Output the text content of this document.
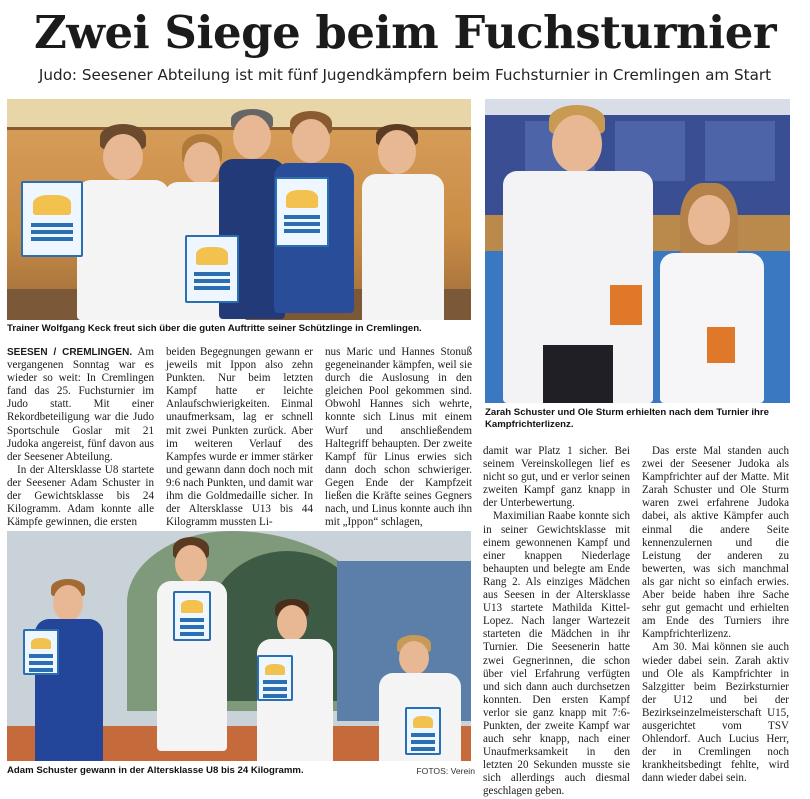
Zwei Siege beim Fuchsturnier
Judo: Seesener Abteilung ist mit fünf Jugendkämpfern beim Fuchsturnier in Cremlingen am Start
Trainer Wolfgang Keck freut sich über die guten Auftritte seiner Schützlinge in Cremlingen.
Zarah Schuster und Ole Sturm erhielten nach dem Turnier ihre Kampfrichterlizenz.
Adam Schuster gewann in der Altersklasse U8 bis 24 Kilogramm.	FOTOS: Verein

SEESEN / CREMLINGEN. Am vergangenen Sonntag war es wieder so weit: In Cremlingen fand das 25. Fuchsturnier im Judo statt. Mit einer Rekordbeteiligung war die Judo Sportschule Goslar mit 21 Judoka angereist, fünf davon aus der Seesener Abteilung.

In der Altersklasse U8 startete der Seesener Adam Schuster in der Gewichtsklasse bis 24 Kilogramm. Adam konnte alle Kämpfe gewinnen, die ersten

beiden Begegnungen gewann er jeweils mit Ippon also zehn Punkten. Nur beim letzten Kampf hatte er leichte Anlaufschwierigkeiten. Einmal unaufmerksam, lag er schnell mit zwei Punkten zurück. Aber im weiteren Verlauf des Kampfes wurde er immer stärker und gewann dann doch noch mit 9:6 nach Punkten, und damit war ihm die Goldmedaille sicher. In der Altersklasse U13 bis 44 Kilogramm mussten Li-

nus Maric und Hannes Stonuß gegeneinander kämpfen, weil sie durch die Auslosung in den gleichen Pool gekommen sind. Obwohl Hannes sich wehrte, konnte sich Linus mit einem Wurf und anschließendem Haltegriff behaupten. Der zweite Kampf für Linus erwies sich dann doch schon schwieriger. Gegen Ende der Kampfzeit ließen die Kräfte seines Gegners nach, und Linus konnte auch ihn mit „Ippon“ schlagen,

damit war Platz 1 sicher. Bei seinem Vereinskollegen lief es nicht so gut, und er verlor seinen zweiten Kampf ganz knapp in der Unterbewertung.

Maximilian Raabe konnte sich in seiner Gewichtsklasse mit einem gewonnenen Kampf und einer knappen Niederlage behaupten und belegte am Ende Rang 2. Als einziges Mädchen aus Seesen in der Altersklasse U13 startete Mathilda Kittel-Lopez. Nach langer Wartezeit starteten die Mädchen in ihr Turnier. Die Seesenerin hatte zwei Gegnerinnen, die schon über viel Erfahrung verfügten und sich dann auch durchsetzen konnten. Den ersten Kampf verlor sie ganz knapp mit 7:6-Punkten, der zweite Kampf war auch sehr knapp, nach einer Unaufmerksamkeit in den letzten 20 Sekunden musste sie sich allerdings auch diesmal geschlagen geben.

Das erste Mal standen auch zwei der Seesener Judoka als Kampfrichter auf der Matte. Mit Zarah Schuster und Ole Sturm waren zwei erfahrene Judoka dabei, als aktive Kämpfer auch einmal die andere Seite kennenzulernen und die Leistung der anderen zu bewerten, was sich manchmal als gar nicht so einfach erwies. Aber beide haben ihre Sache sehr gut gemacht und erhielten am Ende des Turniers ihre Kampfrichterlizenz.

Am 30. Mai können sie auch wieder dabei sein. Zarah aktiv und Ole als Kampfrichter in Salzgitter beim Bezirksturnier der U12 und bei der Bezirkseinzelmeisterschaft U15, ausgerichtet vom TSV Ohlendorf. Auch Lucius Herr, der in Cremlingen noch krankheitsbedingt fehlte, wird dann wieder dabei sein.
